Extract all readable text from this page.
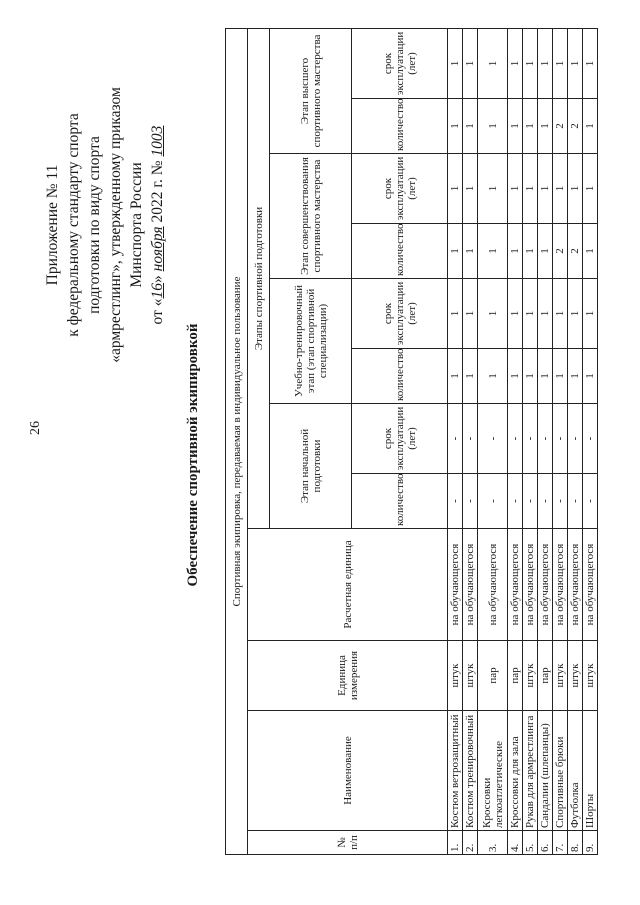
26
Приложение № 11 к федеральному стандарту спорта подготовки по виду спорта «армрестлинг», утвержденному приказом Минспорта России
от «16» ноября 2022 г. № 1003
Обеспечение спортивной экипировкой	Спортивная экипировка, передаваемая в индивидуальное пользование											
№ п/п	Наименование	Единица измерения	Расчетная единица	Этапы спортивной подготовки							
				Этап начальной подготовки		Учебно-тренировочный этап (этап спортивной специализации)		Этап совершенствования спортивного мастерства		Этап высшего спортивного мастерства	
				количество	срок эксплуатации (лет)	количество	срок эксплуатации (лет)	количество	срок эксплуатации (лет)	количество	срок эксплуатации (лет)
1.	Костюм ветрозащитный	штук	на обучающегося	-	-	1	1	1	1	1	1
2.	Костюм тренировочный	штук	на обучающегося	-	-	1	1	1	1	1	1
3.	Кроссовки легкоатлетические	пар	на обучающегося	-	-	1	1	1	1	1	1
4.	Кроссовки для зала	пар	на обучающегося	-	-	1	1	1	1	1	1
5.	Рукав для армрестлинга	штук	на обучающегося	-	-	1	1	1	1	1	1
6.	Сандалии (шлепанцы)	пар	на обучающегося	-	-	1	1	1	1	1	1
7.	Спортивные брюки	штук	на обучающегося	-	-	1	1	2	1	2	1
8.	Футболка	штук	на обучающегося	-	-	1	1	2	1	2	1
9.	Шорты	штук	на обучающегося	-	-	1	1	1	1	1	1
